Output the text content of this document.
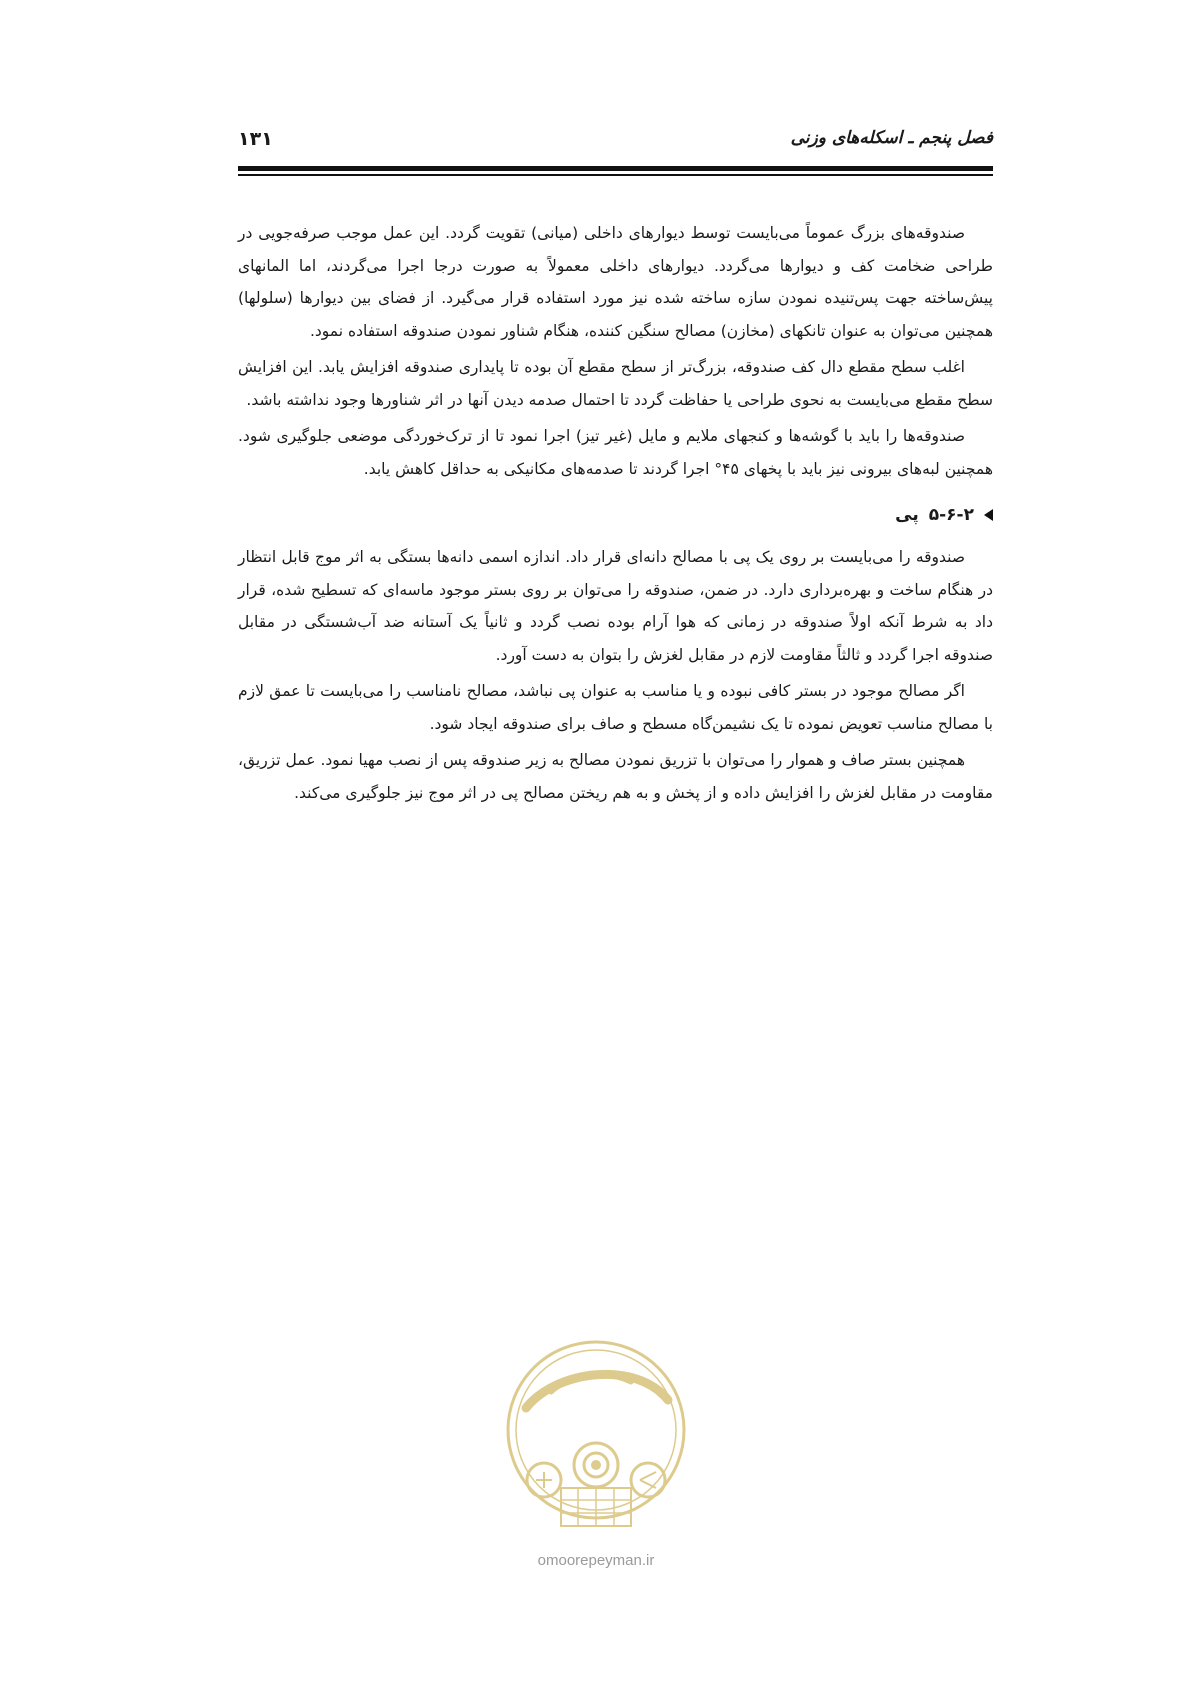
فصل پنجم ـ اسکله‌های وزنی
۱۳۱

صندوقه‌های بزرگ عموماً می‌بایست توسط دیوارهای داخلی (میانی) تقویت گردد. این عمل موجب صرفه‌جویی در طراحی ضخامت کف و دیوارها می‌گردد. دیوارهای داخلی معمولاً به صورت درجا اجرا می‌گردند، اما المانهای پیش‌ساخته جهت پس‌تنیده نمودن سازه ساخته شده نیز مورد استفاده قرار می‌گیرد. از فضای بین دیوارها (سلولها) همچنین می‌توان به عنوان تانکهای (مخازن) مصالح سنگین کننده، هنگام شناور نمودن صندوقه استفاده نمود.

اغلب سطح مقطع دال کف صندوقه، بزرگ‌تر از سطح مقطع آن بوده تا پایداری صندوقه افزایش یابد. این افزایش سطح مقطع می‌بایست به نحوی طراحی یا حفاظت گردد تا احتمال صدمه دیدن آنها در اثر شناورها وجود نداشته باشد.

صندوقه‌ها را باید با گوشه‌ها و کنجهای ملایم و مایل (غیر تیز) اجرا نمود تا از ترک‌خوردگی موضعی جلوگیری شود. همچنین لبه‌های بیرونی نیز باید با پخهای ۴۵° اجرا گردند تا صدمه‌های مکانیکی به حداقل کاهش یابد.

۵-۶-۲
پی

صندوقه را می‌بایست بر روی یک پی با مصالح دانه‌ای قرار داد. اندازه اسمی دانه‌ها بستگی به اثر موج قابل انتظار در هنگام ساخت و بهره‌برداری دارد. در ضمن، صندوقه را می‌توان بر روی بستر موجود ماسه‌ای که تسطیح شده، قرار داد به شرط آنکه اولاً صندوقه در زمانی که هوا آرام بوده نصب گردد و ثانیاً یک آستانه ضد آب‌شستگی در مقابل صندوقه اجرا گردد و ثالثاً مقاومت لازم در مقابل لغزش را بتوان به دست آورد.

اگر مصالح موجود در بستر کافی نبوده و یا مناسب به عنوان پی نباشد، مصالح نامناسب را می‌بایست تا عمق لازم با مصالح مناسب تعویض نموده تا یک نشیمن‌گاه مسطح و صاف برای صندوقه ایجاد شود.

همچنین بستر صاف و هموار را می‌توان با تزریق نمودن مصالح به زیر صندوقه پس از نصب مهیا نمود. عمل تزریق، مقاومت در مقابل لغزش را افزایش داده و از پخش و به هم ریختن مصالح پی در اثر موج نیز جلوگیری می‌کند.

omoorepeyman.ir
